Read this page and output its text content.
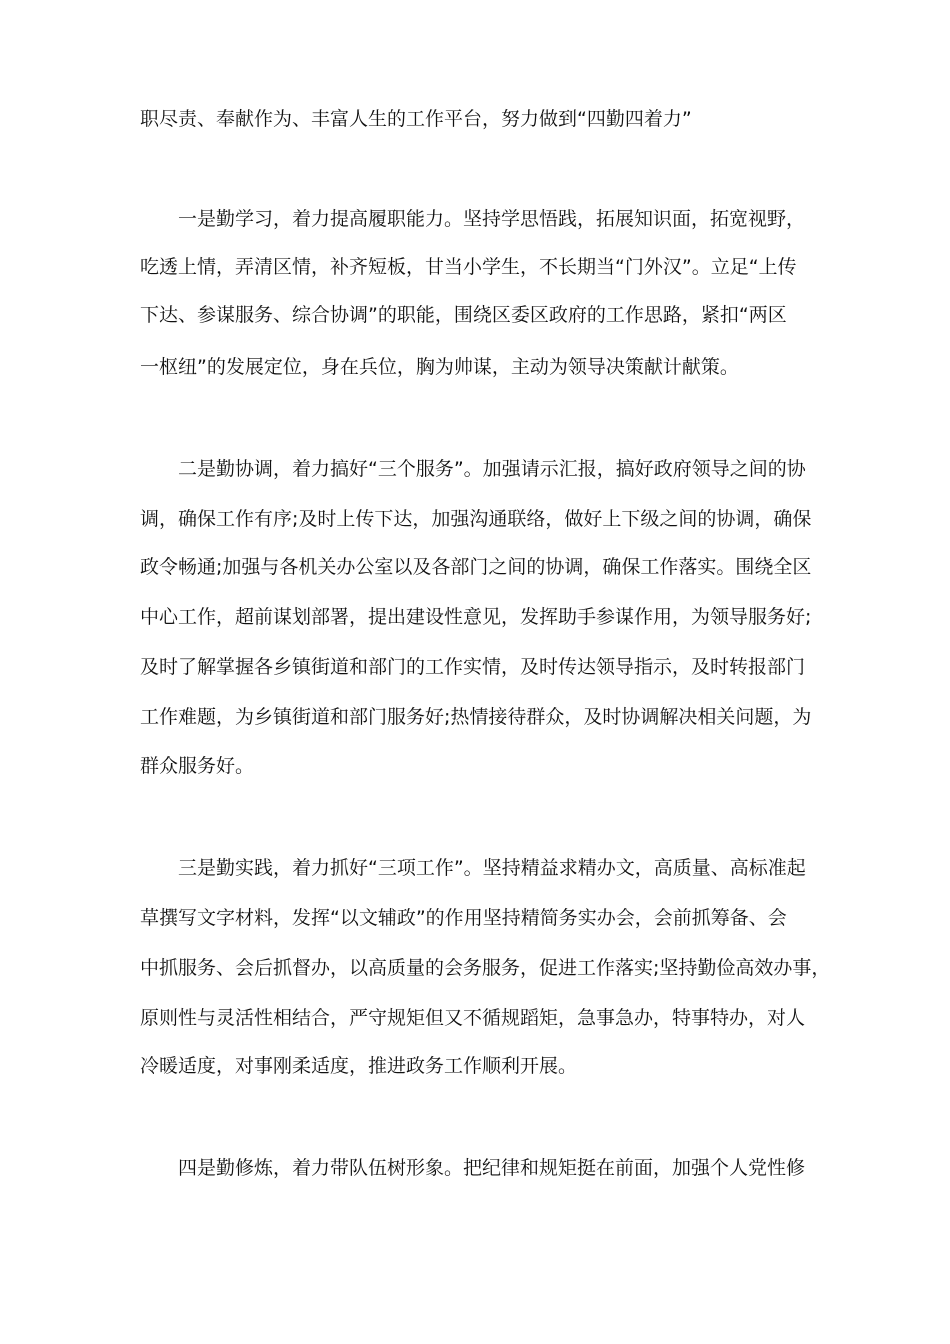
职尽责、奉献作为、丰富人生的工作平台，努力做到“四勤四着力”
一是勤学习，着力提高履职能力。坚持学思悟践，拓展知识面，拓宽视野，
吃透上情，弄清区情，补齐短板，甘当小学生，不长期当“门外汉”。立足“上传
下达、参谋服务、综合协调”的职能，围绕区委区政府的工作思路，紧扣“两区
一枢纽”的发展定位，身在兵位，胸为帅谋，主动为领导决策献计献策。
二是勤协调，着力搞好“三个服务”。加强请示汇报，搞好政府领导之间的协
调，确保工作有序;及时上传下达，加强沟通联络，做好上下级之间的协调，确保
政令畅通;加强与各机关办公室以及各部门之间的协调，确保工作落实。围绕全区
中心工作，超前谋划部署，提出建设性意见，发挥助手参谋作用，为领导服务好;
及时了解掌握各乡镇街道和部门的工作实情，及时传达领导指示，及时转报部门
工作难题，为乡镇街道和部门服务好;热情接待群众，及时协调解决相关问题，为
群众服务好。
三是勤实践，着力抓好“三项工作”。坚持精益求精办文，高质量、高标准起
草撰写文字材料，发挥“以文辅政”的作用坚持精简务实办会，会前抓筹备、会
中抓服务、会后抓督办，以高质量的会务服务，促进工作落实;坚持勤俭高效办事，
原则性与灵活性相结合，严守规矩但又不循规蹈矩，急事急办，特事特办，对人
冷暖适度，对事刚柔适度，推进政务工作顺利开展。
四是勤修炼，着力带队伍树形象。把纪律和规矩挺在前面，加强个人党性修
